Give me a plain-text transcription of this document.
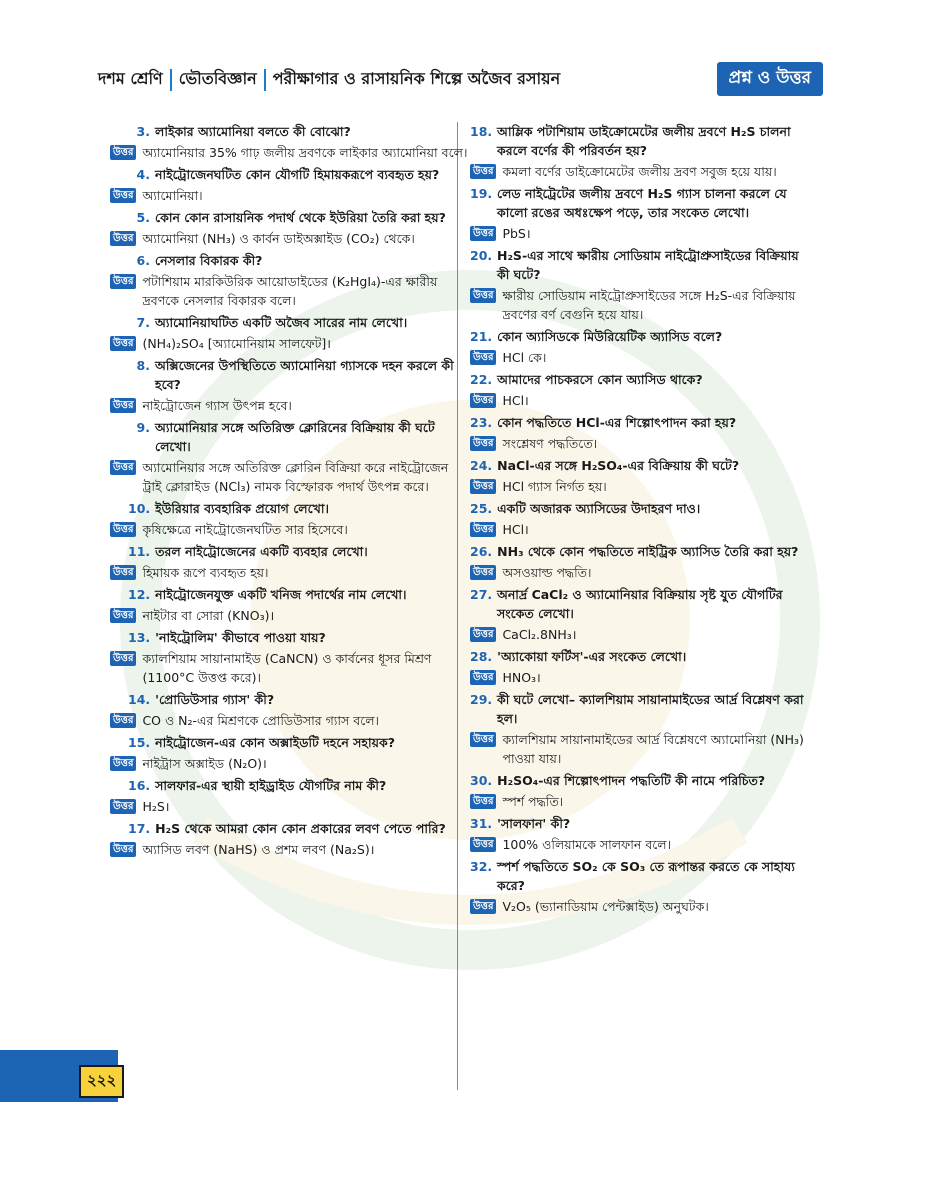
দশম শ্রেণি ভৌতবিজ্ঞান পরীক্ষাগার ও রাসায়নিক শিল্পে অজৈব রসায়ন	প্রশ্ন ও উত্তর
3. লাইকার অ্যামোনিয়া বলতে কী বোঝো?
উত্তর অ্যামোনিয়ার 35% গাঢ় জলীয় দ্রবণকে লাইকার অ্যামোনিয়া বলে।
4. নাইট্রোজেনঘটিত কোন যৌগটি হিমায়করূপে ব্যবহৃত হয়?
উত্তর অ্যামোনিয়া।
5. কোন কোন রাসায়নিক পদার্থ থেকে ইউরিয়া তৈরি করা হয়?
উত্তর অ্যামোনিয়া (NH₃) ও কার্বন ডাইঅক্সাইড (CO₂) থেকে।
6. নেসলার বিকারক কী?
উত্তর পটাশিয়াম মারকিউরিক আয়োডাইডের (K₂HgI₄)-এর ক্ষারীয় দ্রবণকে নেসলার বিকারক বলে।
7. অ্যামোনিয়াঘটিত একটি অজৈব সারের নাম লেখো।
উত্তর (NH₄)₂SO₄ [অ্যামোনিয়াম সালফেট]।
8. অক্সিজেনের উপস্থিতিতে অ্যামোনিয়া গ্যাসকে দহন করলে কী হবে?
উত্তর নাইট্রোজেন গ্যাস উৎপন্ন হবে।
9. অ্যামোনিয়ার সঙ্গে অতিরিক্ত ক্লোরিনের বিক্রিয়ায় কী ঘটে লেখো।
উত্তর অ্যামোনিয়ার সঙ্গে অতিরিক্ত ক্লোরিন বিক্রিয়া করে নাইট্রোজেন ট্রাই ক্লোরাইড (NCl₃) নামক বিস্ফোরক পদার্থ উৎপন্ন করে।
10. ইউরিয়ার ব্যবহারিক প্রয়োগ লেখো।
উত্তর কৃষিক্ষেত্রে নাইট্রোজেনঘটিত সার হিসেবে।
11. তরল নাইট্রোজেনের একটি ব্যবহার লেখো।
উত্তর হিমায়ক রূপে ব্যবহৃত হয়।
12. নাইট্রোজেনযুক্ত একটি খনিজ পদার্থের নাম লেখো।
উত্তর নাইটার বা সোরা (KNO₃)।
13. 'নাইট্রোলিম' কীভাবে পাওয়া যায়?
উত্তর ক্যালশিয়াম সায়ানামাইড (CaNCN) ও কার্বনের ধূসর মিশ্রণ (1100°C উত্তপ্ত করে)।
14. 'প্রোডিউসার গ্যাস' কী?
উত্তর CO ও N₂-এর মিশ্রণকে প্রোডিউসার গ্যাস বলে।
15. নাইট্রোজেন-এর কোন অক্সাইডটি দহনে সহায়ক?
উত্তর নাইট্রাস অক্সাইড (N₂O)।
16. সালফার-এর স্থায়ী হাইড্রাইড যৌগটির নাম কী?
উত্তর H₂S।
17. H₂S থেকে আমরা কোন কোন প্রকারের লবণ পেতে পারি?
উত্তর অ্যাসিড লবণ (NaHS) ও প্রশম লবণ (Na₂S)।
18. আম্লিক পটাশিয়াম ডাইক্রোমেটের জলীয় দ্রবণে H₂S চালনা করলে বর্ণের কী পরিবর্তন হয়?
উত্তর কমলা বর্ণের ডাইক্রোমেটের জলীয় দ্রবণ সবুজ হয়ে যায়।
19. লেড নাইট্রেটের জলীয় দ্রবণে H₂S গ্যাস চালনা করলে যে কালো রঙের অধঃক্ষেপ পড়ে, তার সংকেত লেখো।
উত্তর PbS।
20. H₂S-এর সাথে ক্ষারীয় সোডিয়াম নাইট্রোপ্রুসাইডের বিক্রিয়ায় কী ঘটে?
উত্তর ক্ষারীয় সোডিয়াম নাইট্রোপ্রুসাইডের সঙ্গে H₂S-এর বিক্রিয়ায় দ্রবণের বর্ণ বেগুনি হয়ে যায়।
21. কোন অ্যাসিডকে মিউরিয়েটিক অ্যাসিড বলে?
উত্তর HCl কে।
22. আমাদের পাচকরসে কোন অ্যাসিড থাকে?
উত্তর HCl।
23. কোন পদ্ধতিতে HCl-এর শিল্পোৎপাদন করা হয়?
উত্তর সংশ্লেষণ পদ্ধতিতে।
24. NaCl-এর সঙ্গে H₂SO₄-এর বিক্রিয়ায় কী ঘটে?
উত্তর HCl গ্যাস নির্গত হয়।
25. একটি অজারক অ্যাসিডের উদাহরণ দাও।
উত্তর HCl।
26. NH₃ থেকে কোন পদ্ধতিতে নাইট্রিক অ্যাসিড তৈরি করা হয়?
উত্তর অসওয়াল্ড পদ্ধতি।
27. অনার্দ্র CaCl₂ ও অ্যামোনিয়ার বিক্রিয়ায় সৃষ্ট যুত যৌগটির সংকেত লেখো।
উত্তর CaCl₂.8NH₃।
28. 'অ্যাকোয়া ফর্টিস'-এর সংকেত লেখো।
উত্তর HNO₃।
29. কী ঘটে লেখো– ক্যালশিয়াম সায়ানামাইডের আর্দ্র বিশ্লেষণ করা হল।
উত্তর ক্যালশিয়াম সায়ানামাইডের আর্দ্র বিশ্লেষণে অ্যামোনিয়া (NH₃) পাওয়া যায়।
30. H₂SO₄-এর শিল্পোৎপাদন পদ্ধতিটি কী নামে পরিচিত?
উত্তর স্পর্শ পদ্ধতি।
31. 'সালফান' কী?
উত্তর 100% ওলিয়ামকে সালফান বলে।
32. স্পর্শ পদ্ধতিতে SO₂ কে SO₃ তে রূপান্তর করতে কে সাহায্য করে?
উত্তর V₂O₅ (ভ্যানাডিয়াম পেন্টক্সাইড) অনুঘটক।
২২২
